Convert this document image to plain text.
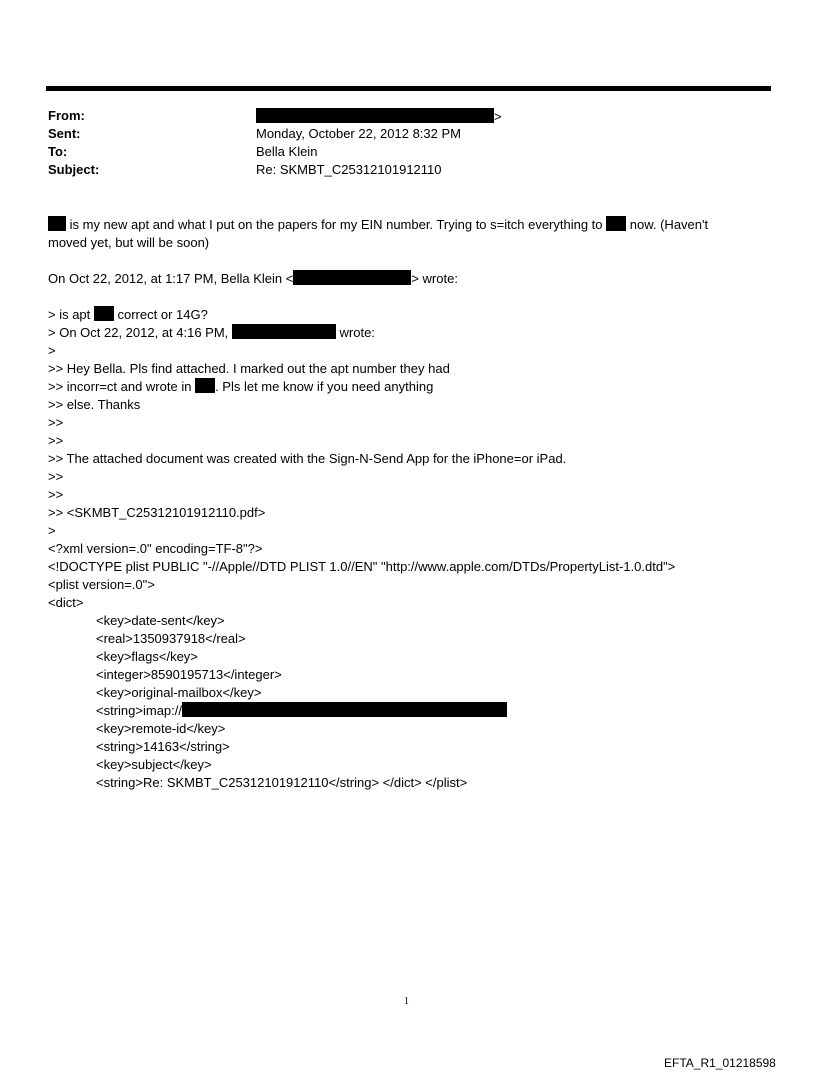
From:	>
Sent:	Monday, October 22, 2012 8:32 PM
To:	Bella Klein
Subject:	Re: SKMBT_C25312101912110
is my new apt and what I put on the papers for my EIN number. Trying to s=itch everything to  now. (Haven't
moved yet, but will be soon)
On Oct 22, 2012, at 1:17 PM, Bella Klein <	> wrote:
> is apt  correct or 14G?
> On Oct 22, 2012, at 4:16 PM,	wrote:
>
>> Hey Bella. Pls find attached. I marked out the apt number they had
>> incorr=ct and wrote in . Pls let me know if you need anything
>> else. Thanks
>>
>>
>> The attached document was created with the Sign-N-Send App for the iPhone=or iPad.
>>
>>
>> <SKMBT_C25312101912110.pdf>
>
<?xml version=.0" encoding=TF-8"?>
<!DOCTYPE plist PUBLIC "-//Apple//DTD PLIST 1.0//EN" "http://www.apple.com/DTDs/PropertyList-1.0.dtd">
<plist version=.0">
<dict>
<key>date-sent</key>
<real>1350937918</real>
<key>flags</key>
<integer>8590195713</integer>
<key>original-mailbox</key>
<string>imap://
<key>remote-id</key>
<string>14163</string>
<key>subject</key>
<string>Re: SKMBT_C25312101912110</string> </dict> </plist>
1
EFTA_R1_01218598
